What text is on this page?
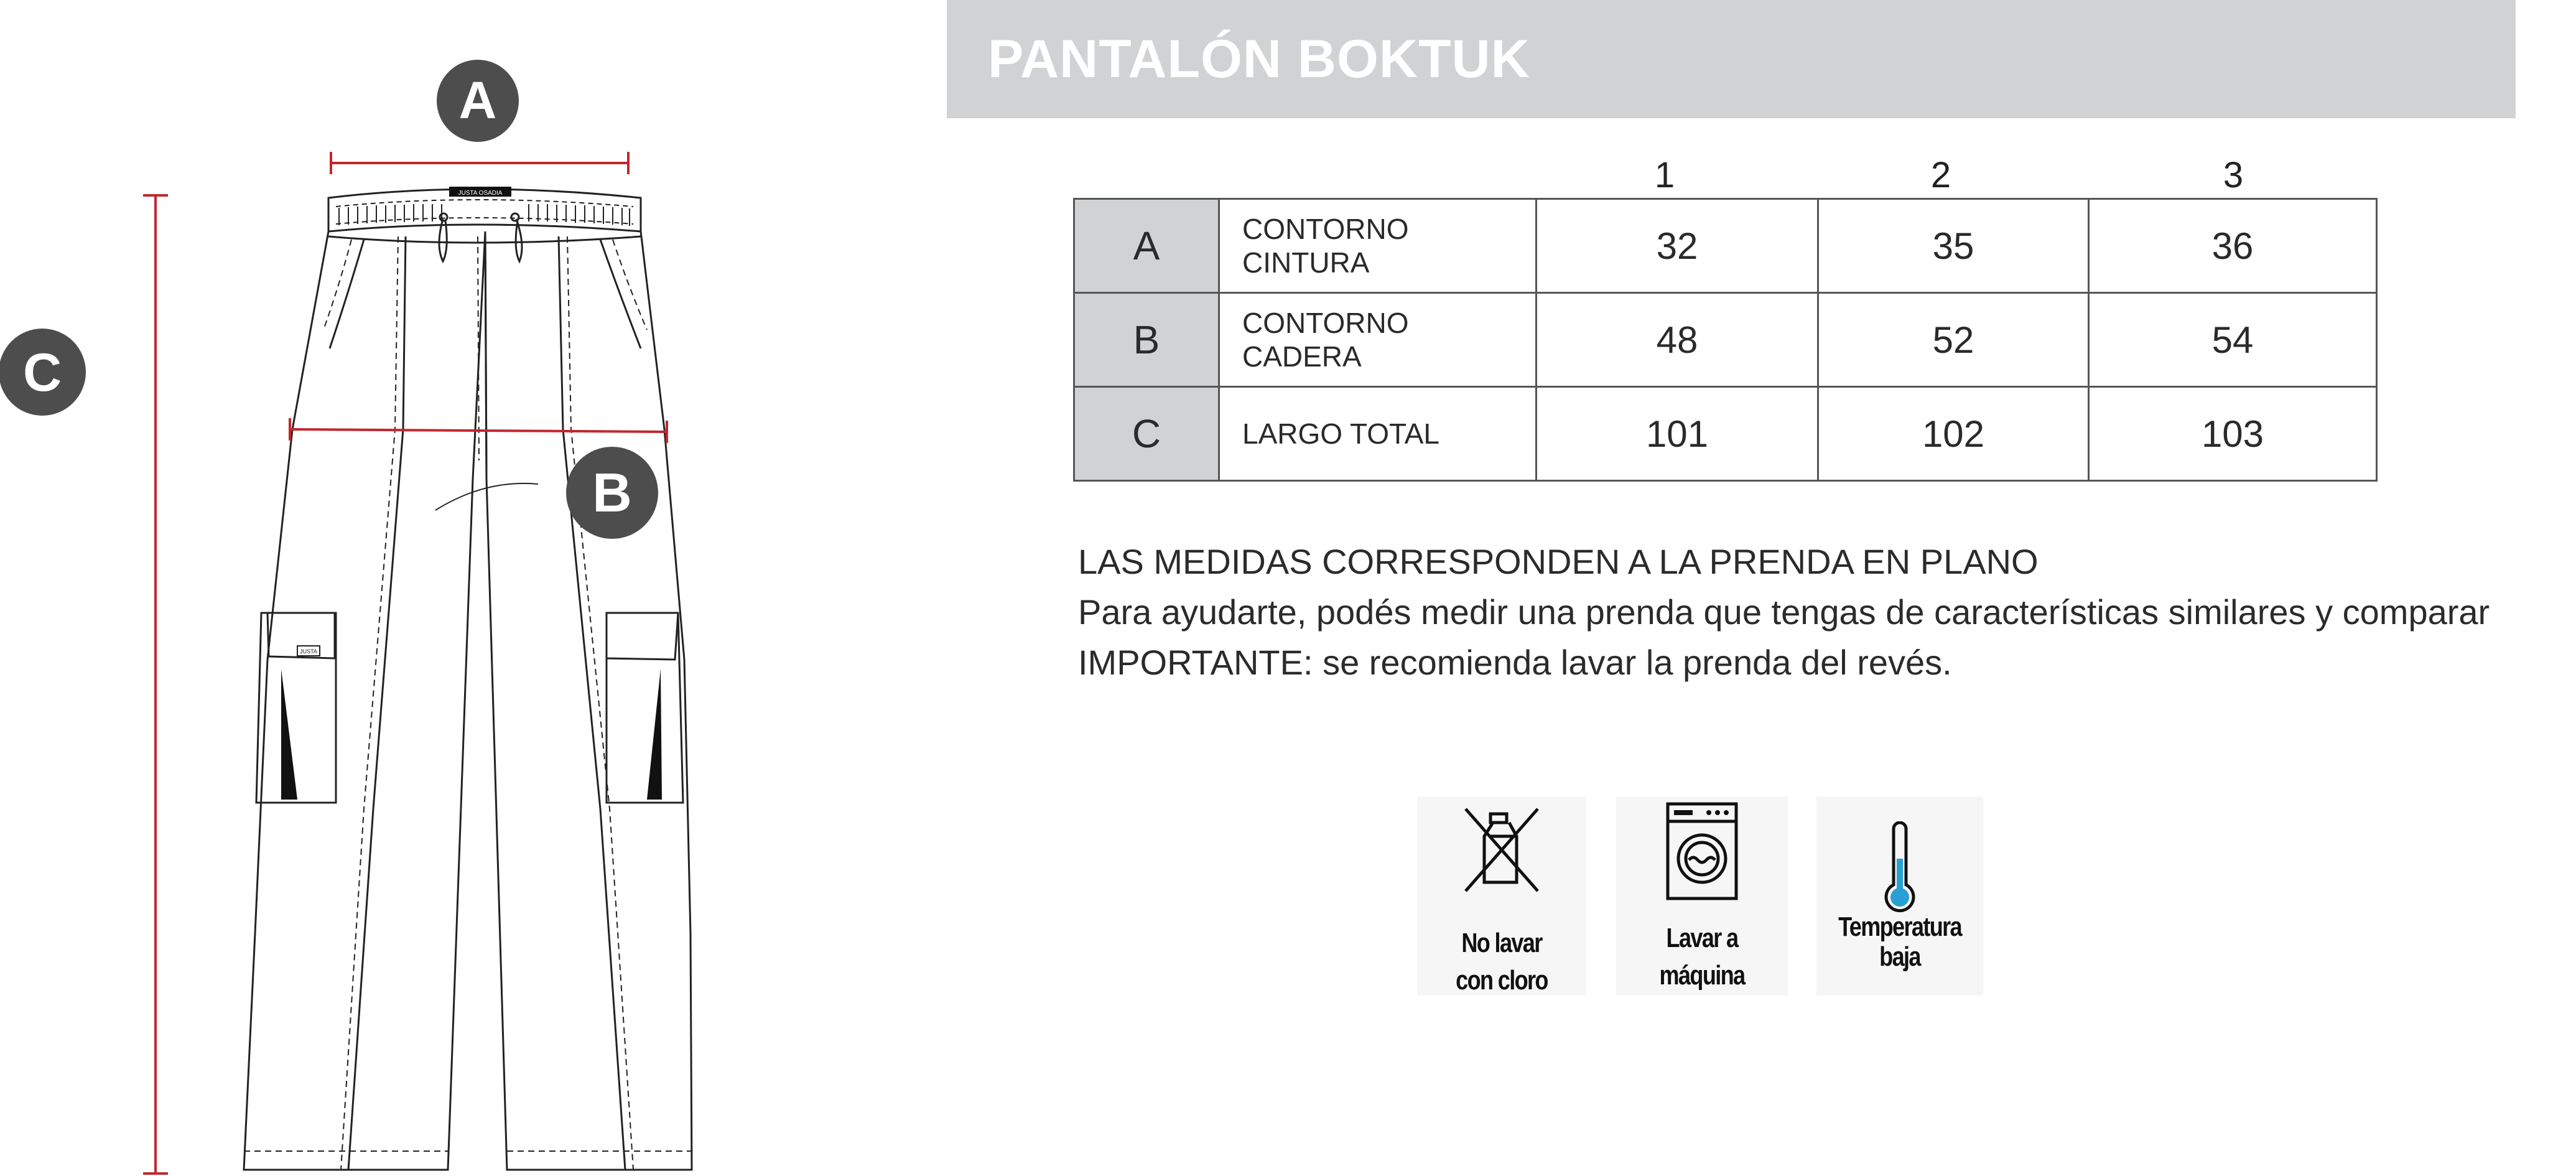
JUSTA OSADIA
JUSTA
A
B
C
PANTALÓN BOKTUK
1	2	3
A	CONTORNO CINTURA	32	35	36
B	CONTORNO CADERA	48	52	54
C	LARGO TOTAL	101	102	103
LAS MEDIDAS CORRESPONDEN A LA PRENDA EN PLANO
Para ayudarte, podés medir una prenda que tengas de características similares y comparar
IMPORTANTE: se recomienda lavar la prenda del revés.
No lavar
con cloro
Lavar a
máquina
Temperatura
baja
